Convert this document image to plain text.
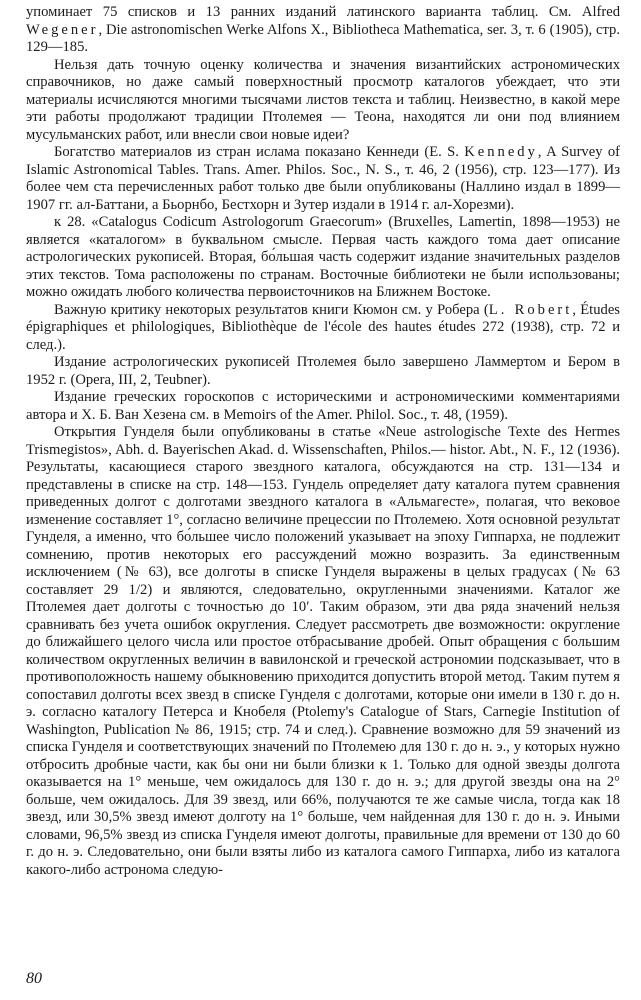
упоминает 75 списков и 13 ранних изданий латинского варианта таблиц. См. Alfred Wegener, Die astronomischen Werke Alfons X., Bibliotheca Mathematica, ser. 3, т. 6 (1905), стр. 129—185.

Нельзя дать точную оценку количества и значения византийских астрономических справочников, но даже самый поверхностный просмотр каталогов убеждает, что эти материалы исчисляются многими тысячами листов текста и таблиц. Неизвестно, в какой мере эти работы продолжают традиции Птолемея — Теона, находятся ли они под влиянием мусульманских работ, или внесли свои новые идеи?

Богатство материалов из стран ислама показано Кеннеди (E. S. Kennedy, A Survey of Islamic Astronomical Tables. Trans. Amer. Philos. Soc., N. S., т. 46, 2 (1956), стр. 123—177). Из более чем ста перечисленных работ только две были опубликованы (Наллино издал в 1899—1907 гг. ал-Баттани, а Бьорнбо, Бестхорн и Зутер издали в 1914 г. ал-Хорезми).

к 28. «Catalogus Codicum Astrologorum Graecorum» (Bruxelles, Lamertin, 1898—1953) не является «каталогом» в буквальном смысле. Первая часть каждого тома дает описание астрологических рукописей. Вторая, бо́льшая часть содержит издание значительных разделов этих текстов. Тома расположены по странам. Восточные библиотеки не были использованы; можно ожидать любого количества первоисточников на Ближнем Востоке.

Важную критику некоторых результатов книги Кюмон см. у Робера (L. Robert, Études épigraphiques et philologiques, Bibliothèque de l'école des hautes études 272 (1938), стр. 72 и след.).

Издание астрологических рукописей Птолемея было завершено Ламмертом и Бером в 1952 г. (Opera, III, 2, Teubner).

Издание греческих гороскопов с историческими и астрономическими комментариями автора и Х. Б. Ван Хезена см. в Memoirs of the Amer. Philol. Soc., т. 48, (1959).

Открытия Гунделя были опубликованы в статье «Neue astrologische Texte des Hermes Trismegistos», Abh. d. Bayerischen Akad. d. Wissenschaften, Philos.— histor. Abt., N. F., 12 (1936). Результаты, касающиеся старого звездного каталога, обсуждаются на стр. 131—134 и представлены в списке на стр. 148—153. Гундель определяет дату каталога путем сравнения приведенных долгот с долготами звездного каталога в «Альмагесте», полагая, что вековое изменение составляет 1°, согласно величине прецессии по Птолемею. Хотя основной результат Гунделя, а именно, что бо́льшее число положений указывает на эпоху Гиппарха, не подлежит сомнению, против некоторых его рассуждений можно возразить. За единственным исключением (№ 63), все долготы в списке Гунделя выражены в целых градусах (№ 63 составляет 29 1/2) и являются, следовательно, округленными значениями. Каталог же Птолемея дает долготы с точностью до 10′. Таким образом, эти два ряда значений нельзя сравнивать без учета ошибок округления. Следует рассмотреть две возможности: округление до ближайшего целого числа или простое отбрасывание дробей. Опыт обращения с большим количеством округленных величин в вавилонской и греческой астрономии подсказывает, что в противоположность нашему обыкновению приходится допустить второй метод. Таким путем я сопоставил долготы всех звезд в списке Гунделя с долготами, которые они имели в 130 г. до н. э. согласно каталогу Петерса и Кнобеля (Ptolemy's Catalogue of Stars, Carnegie Institution of Washington, Publication № 86, 1915; стр. 74 и след.). Сравнение возможно для 59 значений из списка Гунделя и соответствующих значений по Птолемею для 130 г. до н. э., у которых нужно отбросить дробные части, как бы они ни были близки к 1. Только для одной звезды долгота оказывается на 1° меньше, чем ожидалось для 130 г. до н. э.; для другой звезды она на 2° больше, чем ожидалось. Для 39 звезд, или 66%, получаются те же самые числа, тогда как 18 звезд, или 30,5% звезд имеют долготу на 1° больше, чем найденная для 130 г. до н. э. Иными словами, 96,5% звезд из списка Гунделя имеют долготы, правильные для времени от 130 до 60 г. до н. э. Следовательно, они были взяты либо из каталога самого Гиппарха, либо из каталога какого-либо астронома следую-

80
